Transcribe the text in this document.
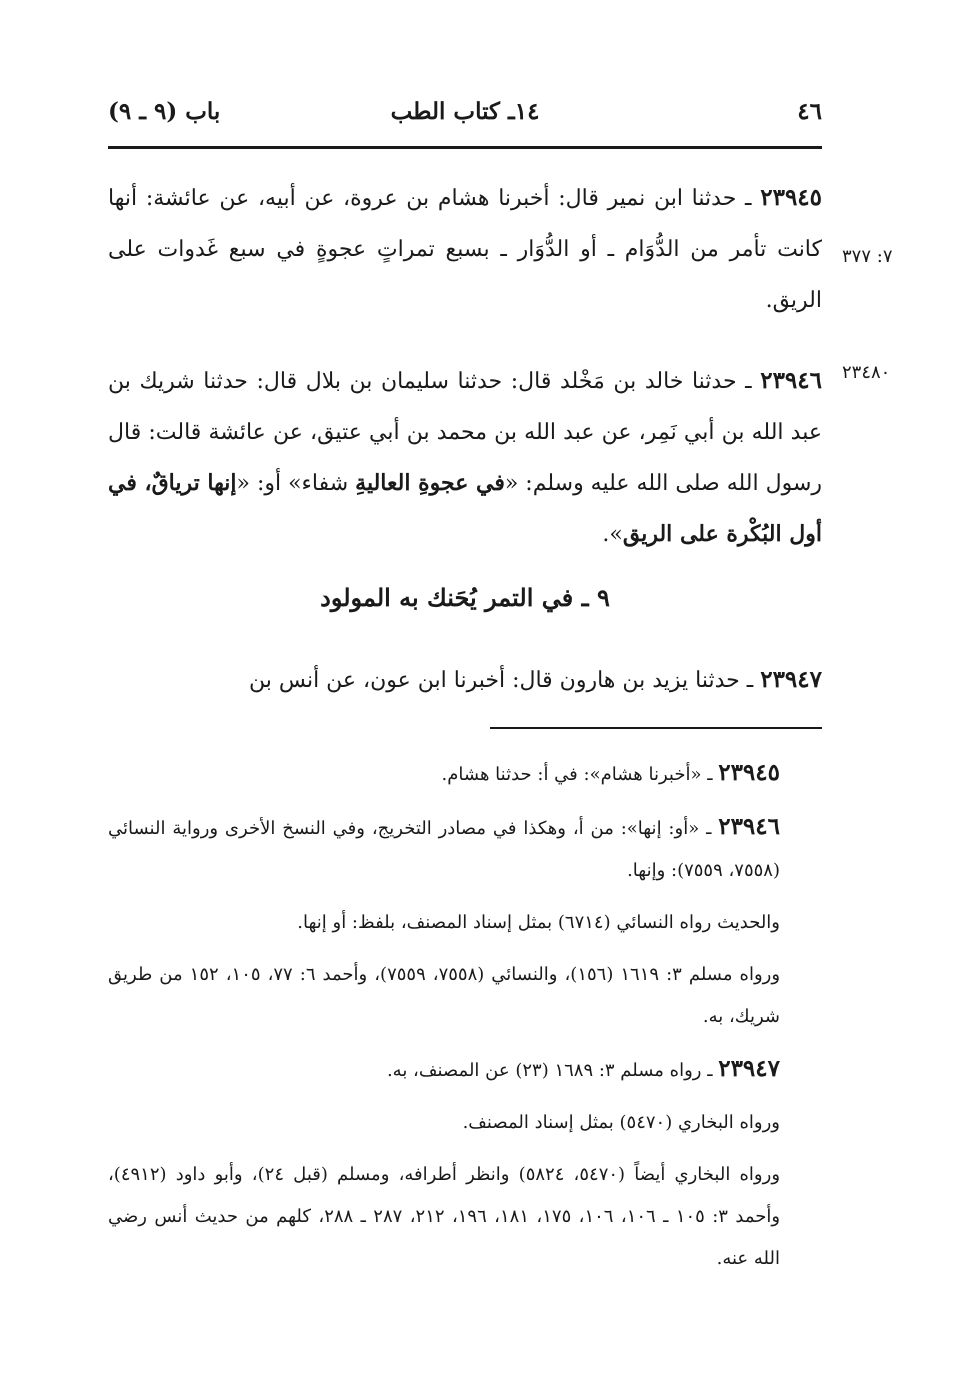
٤٦
١٤ـ كتاب الطب
باب (٩ ـ ٩)
٧: ٣٧٧
٢٣٤٨٠
٢٣٩٤٥ ـ حدثنا ابن نمير قال: أخبرنا هشام بن عروة، عن أبيه، عن عائشة: أنها كانت تأمر من الدُّوَام ـ أو الدُّوَار ـ بسبع تمراتٍ عجوةٍ في سبع غَدوات على الريق.
٢٣٩٤٦ ـ حدثنا خالد بن مَخْلد قال: حدثنا سليمان بن بلال قال: حدثنا شريك بن عبد الله بن أبي نَمِر، عن عبد الله بن محمد بن أبي عتيق، عن عائشة قالت: قال رسول الله صلى الله عليه وسلم: «في عجوةِ العاليةِ شفاء» أو: «إنها ترياقٌ، في أول البُكْرة على الريق».
٩ ـ في التمر يُحَنك به المولود
٢٣٩٤٧ ـ حدثنا يزيد بن هارون قال: أخبرنا ابن عون، عن أنس بن
٢٣٩٤٥ ـ «أخبرنا هشام»: في أ: حدثنا هشام.
٢٣٩٤٦ ـ «أو: إنها»: من أ، وهكذا في مصادر التخريج، وفي النسخ الأخرى ورواية النسائي (٧٥٥٨، ٧٥٥٩): وإنها.
والحديث رواه النسائي (٦٧١٤) بمثل إسناد المصنف، بلفظ: أو إنها.
ورواه مسلم ٣: ١٦١٩ (١٥٦)، والنسائي (٧٥٥٨، ٧٥٥٩)، وأحمد ٦: ٧٧، ١٠٥، ١٥٢ من طريق شريك، به.
٢٣٩٤٧ ـ رواه مسلم ٣: ١٦٨٩ (٢٣) عن المصنف، به.
ورواه البخاري (٥٤٧٠) بمثل إسناد المصنف.
ورواه البخاري أيضاً (٥٤٧٠، ٥٨٢٤) وانظر أطرافه، ومسلم (قبل ٢٤)، وأبو داود (٤٩١٢)، وأحمد ٣: ١٠٥ ـ ١٠٦، ١٠٦، ١٧٥، ١٨١، ١٩٦، ٢١٢، ٢٨٧ ـ ٢٨٨، كلهم من حديث أنس رضي الله عنه.
